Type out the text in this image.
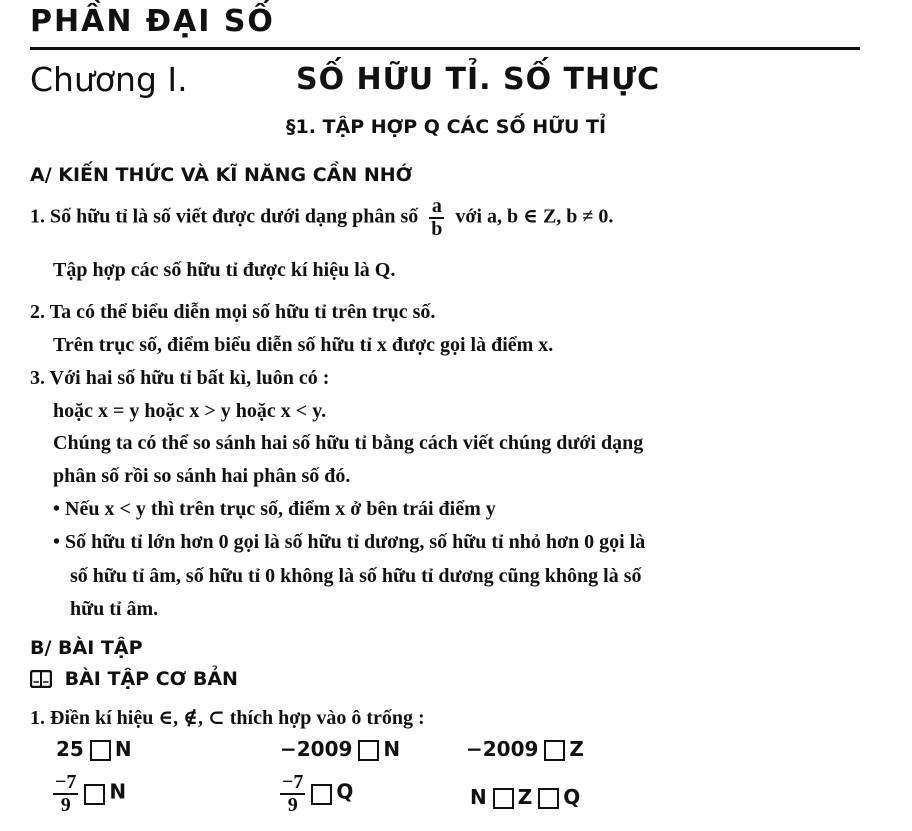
PHẦN ĐẠI SỐ
Chương I.	SỐ HỮU TỈ. SỐ THỰC
§1. TẬP HỢP Q CÁC SỐ HỮU TỈ
A/ KIẾN THỨC VÀ KĨ NĂNG CẦN NHỚ
1. Số hữu tỉ là số viết được dưới dạng phân số $\frac{a}{b}$ với a, b ∈ Z, b ≠ 0.
Tập hợp các số hữu tỉ được kí hiệu là Q.
2. Ta có thể biểu diễn mọi số hữu tỉ trên trục số.
Trên trục số, điểm biểu diễn số hữu tỉ x được gọi là điểm x.
3. Với hai số hữu tỉ bất kì, luôn có :
hoặc x = y hoặc x > y hoặc x < y.
Chúng ta có thể so sánh hai số hữu tỉ bằng cách viết chúng dưới dạng
phân số rồi so sánh hai phân số đó.
• Nếu x < y thì trên trục số, điểm x ở bên trái điểm y
• Số hữu tỉ lớn hơn 0 gọi là số hữu tỉ dương, số hữu tỉ nhỏ hơn 0 gọi là
số hữu tỉ âm, số hữu tỉ 0 không là số hữu tỉ dương cũng không là số
hữu tỉ âm.
B/ BÀI TẬP
BÀI TẬP CƠ BẢN
1. Điền kí hiệu ∈, ∉, ⊂ thích hợp vào ô trống :
25 N	−2009 N	−2009 Z
$\frac{-7}{9}$ N	$\frac{-7}{9}$ Q	N Z Q
